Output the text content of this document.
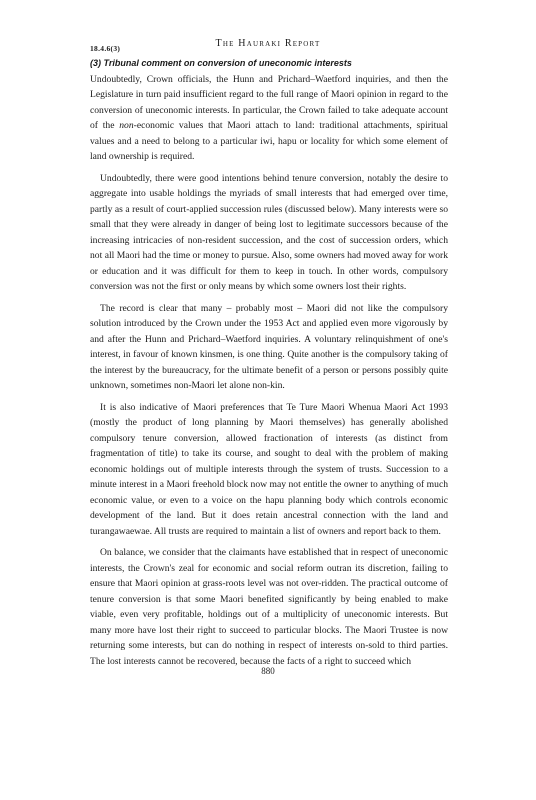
The Hauraki Report
18.4.6(3)

(3) Tribunal comment on conversion of uneconomic interests

Undoubtedly, Crown officials, the Hunn and Prichard–Waetford inquiries, and then the Legislature in turn paid insufficient regard to the full range of Maori opinion in regard to the conversion of uneconomic interests. In particular, the Crown failed to take adequate account of the non-economic values that Maori attach to land: traditional attachments, spiritual values and a need to belong to a particular iwi, hapu or locality for which some element of land ownership is required.

Undoubtedly, there were good intentions behind tenure conversion, notably the desire to aggregate into usable holdings the myriads of small interests that had emerged over time, partly as a result of court-applied succession rules (discussed below). Many interests were so small that they were already in danger of being lost to legitimate successors because of the increasing intricacies of non-resident succession, and the cost of succession orders, which not all Maori had the time or money to pursue. Also, some owners had moved away for work or education and it was difficult for them to keep in touch. In other words, compulsory conversion was not the first or only means by which some owners lost their rights.

The record is clear that many – probably most – Maori did not like the compulsory solution introduced by the Crown under the 1953 Act and applied even more vigorously by and after the Hunn and Prichard–Waetford inquiries. A voluntary relinquishment of one's interest, in favour of known kinsmen, is one thing. Quite another is the compulsory taking of the interest by the bureaucracy, for the ultimate benefit of a person or persons possibly quite unknown, sometimes non-Maori let alone non-kin.

It is also indicative of Maori preferences that Te Ture Maori Whenua Maori Act 1993 (mostly the product of long planning by Maori themselves) has generally abolished compulsory tenure conversion, allowed fractionation of interests (as distinct from fragmentation of title) to take its course, and sought to deal with the problem of making economic holdings out of multiple interests through the system of trusts. Succession to a minute interest in a Maori freehold block now may not entitle the owner to anything of much economic value, or even to a voice on the hapu planning body which controls economic development of the land. But it does retain ancestral connection with the land and turangawaewae. All trusts are required to maintain a list of owners and report back to them.

On balance, we consider that the claimants have established that in respect of uneconomic interests, the Crown's zeal for economic and social reform outran its discretion, failing to ensure that Maori opinion at grass-roots level was not over-ridden. The practical outcome of tenure conversion is that some Maori benefited significantly by being enabled to make viable, even very profitable, holdings out of a multiplicity of uneconomic interests. But many more have lost their right to succeed to particular blocks. The Maori Trustee is now returning some interests, but can do nothing in respect of interests on-sold to third parties. The lost interests cannot be recovered, because the facts of a right to succeed which

880
